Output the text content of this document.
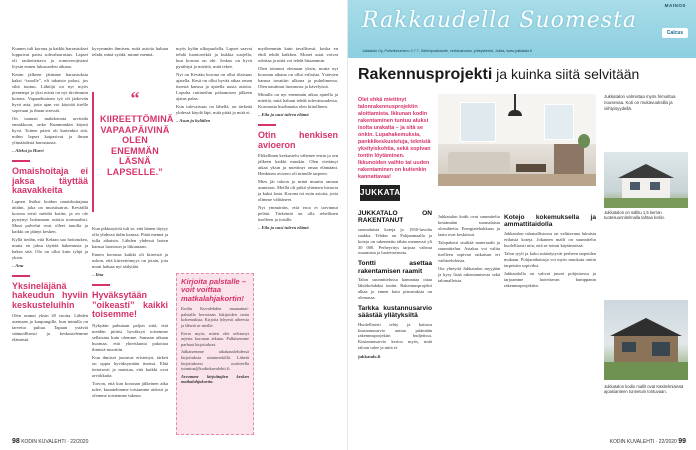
Kunnes tuli korona ja kaikki harrastukset loppuivat paitsi sohvaharrastus. Lapset oli rauhoitettava ja romuverojistani löysin ennen lukusuoden aikana.

Kesän jälkeen jätimme harrastuksia kaksi “tauolle”, eli takaisin palasi, jos siltä tuntuu. Lähtöjä on nyt myös pienempi ja yksi niistä on nyt tiiviimmin kotona. Vapaaehtoinen työ oli järkevän hyvä asia, jotta ajan voi käyttää itselle sopivaan ja ilman stressiä.

On taatusti mahdotonta arvioida ennakkoon, onko Kummankin käynti hyvä. Toinen päivä oli kuitenkin sitä, mihin lapset kaipasivat ja ilman ylimääräistä harrastusta.

– Aleksi ja Harri

Omaishoitaja ei jaksa täyttää kaavakkeita

Lapsen lisäksi hoidan omaishoitajana äitiäni, joka on muistisairas. Keväällä korona eristi meidät kotiin, ja en ole pystynyt hoitamaan asioita normaalisti. Muut palvelut ovat olleet tauolla ja kaikki on jäänyt kesken.

Kyllä tiedän, että Kelaan saa hoitotukea, mutta en jaksa täyttää hakemusta ja hakea sitä. Olo on ollut kuin tyhjä ja yksin.

– Anu

Yksineläjänä hakeudun hyviin keskusteluihin

Olen asunut yksin 20 vuotta. Lähden asemaan ja kaupungille, kun minulla on tarvetta puhua. Tapaan ystäviä säännöllisesti ja keskustelemme elämästä.

“
KIIREETTÖMINÄ VAPAAPÄIVINÄ OLEN ENEMMÄN LÄSNÄ LAPSELLE.”

kyvymmän ihmisen, mitä asioita haluan tehdä, minä syödä, minne mennä.

Kun pikkutyttöä tuli se, että hänen täytyy olla yhdessä äidin kanssa. Pitää mennä ja tulla aikaisin. Lähden yhdessä lasten kanssa luontoon ja liikuntaan.

Ennen koronaa kaikki oli kiireistä ja uskon, että kiireettömyys on jotain, jota moni haluaa nyt säilyttää.

– Iina

Hyväksytään ”oikeasti” kaikki toisemme!

Nykyään puhutaan paljon siitä, että meidän pitäisi hyväksyä toisemme sellaisina kuin olemme. Samaan aikaan huomaa, että yhteiskunta pakottaa ihmisiä muottiin.

Kun ihmiset joutuvat eristettyä, tärkeä on oppia hyväksymään itsensä. Elää tietoisesti ja muistaa, että kaikki ovat arvokkaita.

Toivon, että kun koronan jälkeinen aika tulee, kuuntelemme toisiamme aidosti ja olemme toistemme tukena.

myös kylän ulkopuolella. Lapset saavat tehdä luontoretkiä ja kukkia suojella, kun korona on ohi. Joskus on hyvä pysähtyä ja miettiä, mitä tekee.

Nyt on Kevään korona on ollut tilaisuus ajatella. Kesä on ollut hyvää aikaa oman itsensä kanssa ja ajatella uusia asioita. Lopulta rutiineihin palaamisen jälkeen ajatus palaa.

Kun tulevaisuus on lähellä, on tärkeää yhdessä käydä läpi, mitä pitää ja mitä ei.

– Asun ja kyläilen

Kirjoita palstalle – voit voittaa matkalahjakortin!

Kodin Kuvalehden maanantai-palstalla kerrotaan lukijoiden omia kokemuksia. Kirjoita lyhyesti aiheesta ja lähetä se meille.

Kerro myös, miten olet selvinnyt arjesta koronan aikana. Palkitsemme parhaat kirjoitukset.

Julkaisemme aikakauslehdessä kirjoituksia nimimerkillä. Lähetä kirjoituksesi osoitteella toimitus@kodinkuvalehti.fi.

Arvomme kirjoittajien kesken matkalahjakortin.

myöhemmin kuin tavallisesti, koska en ehdi tehdä kaikkea. Monet asiat voivat odottaa ja niitä voi tehdä hitaammin.

Olen tottunut olemaan yksin, mutta nyt koronan aikana on ollut erilaista. Ystävien kanssa tavattiin ulkona ja puhelimessa. Olen nauttinut luonnosta ja kävelyistä.

Minulla on nyt enemmän aikaa ajatella ja miettiä, mitä haluan tehdä tulevaisuudessa. Koronasta huolimatta olen kiitollinen.

– Eila ja uusi tuleva elämä

Otin henkisen avioeron

Elikellinen keskustelu vähenee ensin ja sen jälkeen kaikki muukin. Olen viettänyt aikaa yksin ja miettinyt omaa elämääni. Henkinen avioero oli minulle tarpeen.

Mies jäi taloon ja minä muutin omaan asuntoon. Meillä oli pitkä yhteinen historia ja kaksi lasta. Korona toi esiin asioita, joita olimme välttäneet.

Nyt ymmärrän, että eroa ei tarvinnut pelätä. Tärkeintä on olla rehellinen itselleen ja toisille.

– Eila ja uusi tuleva elämä

98 KODIN KUVALEHTI · 22/2020
MAINOS
Rakkaudella Suomesta	Calcus
Jukkatalo Oy, Puhelinnumero: 0 7 7, Sähköpostiosoite, verkkosivusto, yhteystiedot, Jukka, www.jukkatalo.fi
Rakennusprojekti ja kuinka siitä selvitään
Olet ehkä miettinyt talonrakennusprojektin aloittamista. Ikkunan kodin rakentaminen tuntuu aluksi isolta urakalta – ja sitä se onkin. Lupahakemuksia, pankkikeskusteluja, teknisiä yksityiskohtia, sekä sopivan tontin löytäminen. Ikkunoiden vaihto tai uuden rakentaminen on kuitenkin kannattavaa!
Jukkatalon valmistaa myös himoittua nousevaa. Koti on mukavuuksilla ja viihtyisyydellä.
Jukkatalon on sallitu 1,5 kerran tuotesuunnitelmalla tahtaa kotiin.
JUKKATALO
JUKKATALO ON RAKENTANUT

suomalaisia koteja jo 1950-luvulta saakka. Tehdas on Pohjanmaalla ja koteja on rakennettu tähän mennessä yli 30 000. Perheyritys tarjoaa vahvaa osaamista ja luotettavuutta.

Tontti asettaa rakentamisen raamit

Talon suunnittelussa kannattaa ottaa lähtökohdaksi tontin. Rakennusprojekti alkaa jo ennen kuin piirustuksia on olemassa.

Tarkka kustannusarvio säästää yllätyksiltä

Huolellisesti tehty ja kattava kustannusarvio auttaa pitämään rakennusprojektin budjetissa. Kustannusarvio kertoo myös, mitä taloon tulee ja mitä ei.

jukkatalo.fi

Jukkatalon kodit ovat suunniteltu kestämään suomalaisia olosuhteita. Energiatehokkuus ja laatu ovat keskiössä.

Talopaketti sisältää materiaalit ja suunnittelun. Asiakas voi valita itselleen sopivan ratkaisun eri vaihtoehdoista.

Ota yhteyttä Jukkatalon myyjään ja kysy lisää rakentamisesta sekä talomalleista.

Kotejo kokemuksella ja ammattitaidolla

Jukkatalon talomallistossa on valittavana lukuisia erilaisia koteja. Jokainen malli on suunniteltu huolellisesti niin, että se toimii käytännössä.

Talon tyyli ja koko määräytyvät perheen tarpeiden mukaan. Pohjaratkaisuja voi myös muokata omiin tarpeisiin sopiviksi.

Jukkatalolla on vahvat juuret pohjoisessa ja tarjoamme luotettavan kumppanin rakennusprojektiin.

Jukkatalon kodin mallit ovat Käsitelmiäinsä ajoasianteen tunnetuin tontuvaan.
KODIN KUVALEHTI · 22/2020 99
